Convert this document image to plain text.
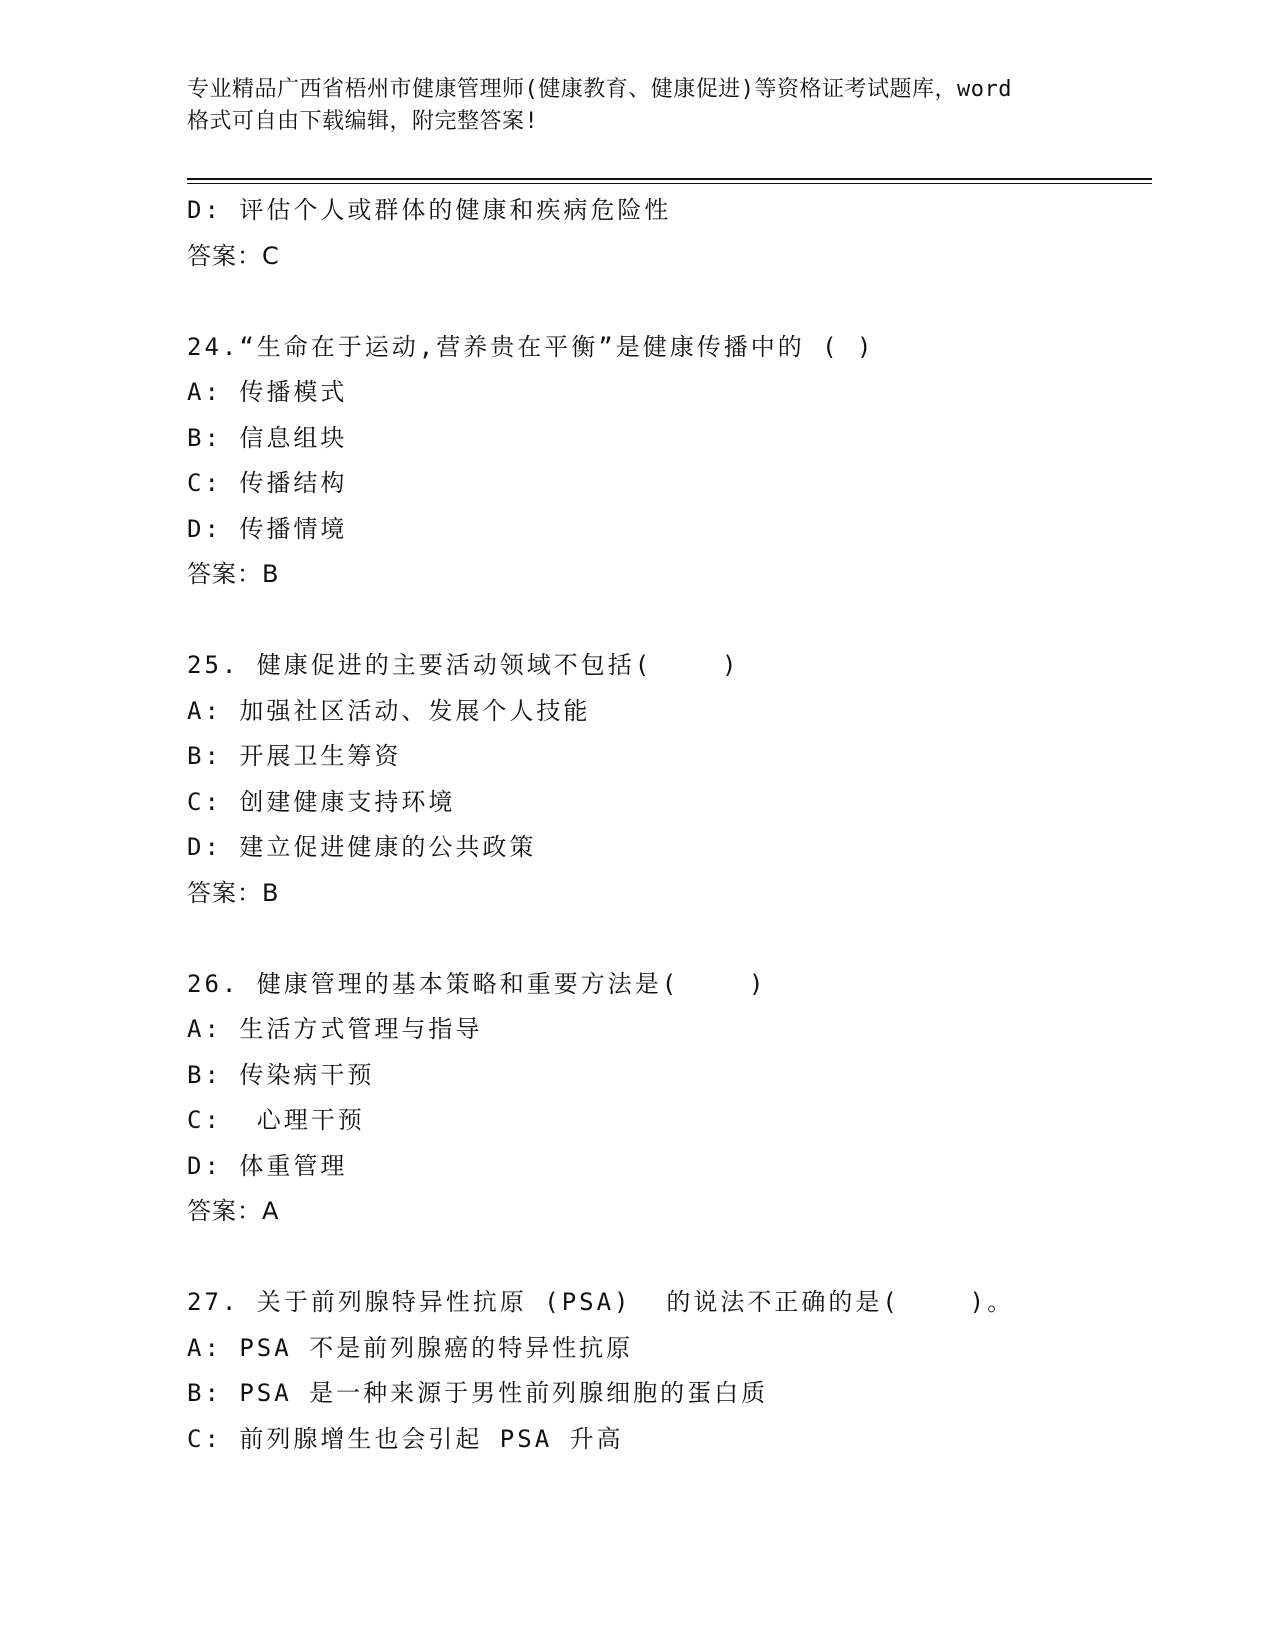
专业精品广西省梧州市健康管理师(健康教育、健康促进)等资格证考试题库，word
格式可自由下载编辑，附完整答案!
D: 评估个人或群体的健康和疾病危险性
答案：C
24.“生命在于运动,营养贵在平衡”是健康传播中的 ( )
A: 传播模式
B: 信息组块
C: 传播结构
D: 传播情境
答案：B
25. 健康促进的主要活动领域不包括(    )
A: 加强社区活动、发展个人技能
B: 开展卫生筹资
C: 创建健康支持环境
D: 建立促进健康的公共政策
答案：B
26. 健康管理的基本策略和重要方法是(    )
A: 生活方式管理与指导
B: 传染病干预
C:  心理干预
D: 体重管理
答案：A
27. 关于前列腺特异性抗原 (PSA)  的说法不正确的是(    )。
A: PSA 不是前列腺癌的特异性抗原
B: PSA 是一种来源于男性前列腺细胞的蛋白质
C: 前列腺增生也会引起 PSA 升高
